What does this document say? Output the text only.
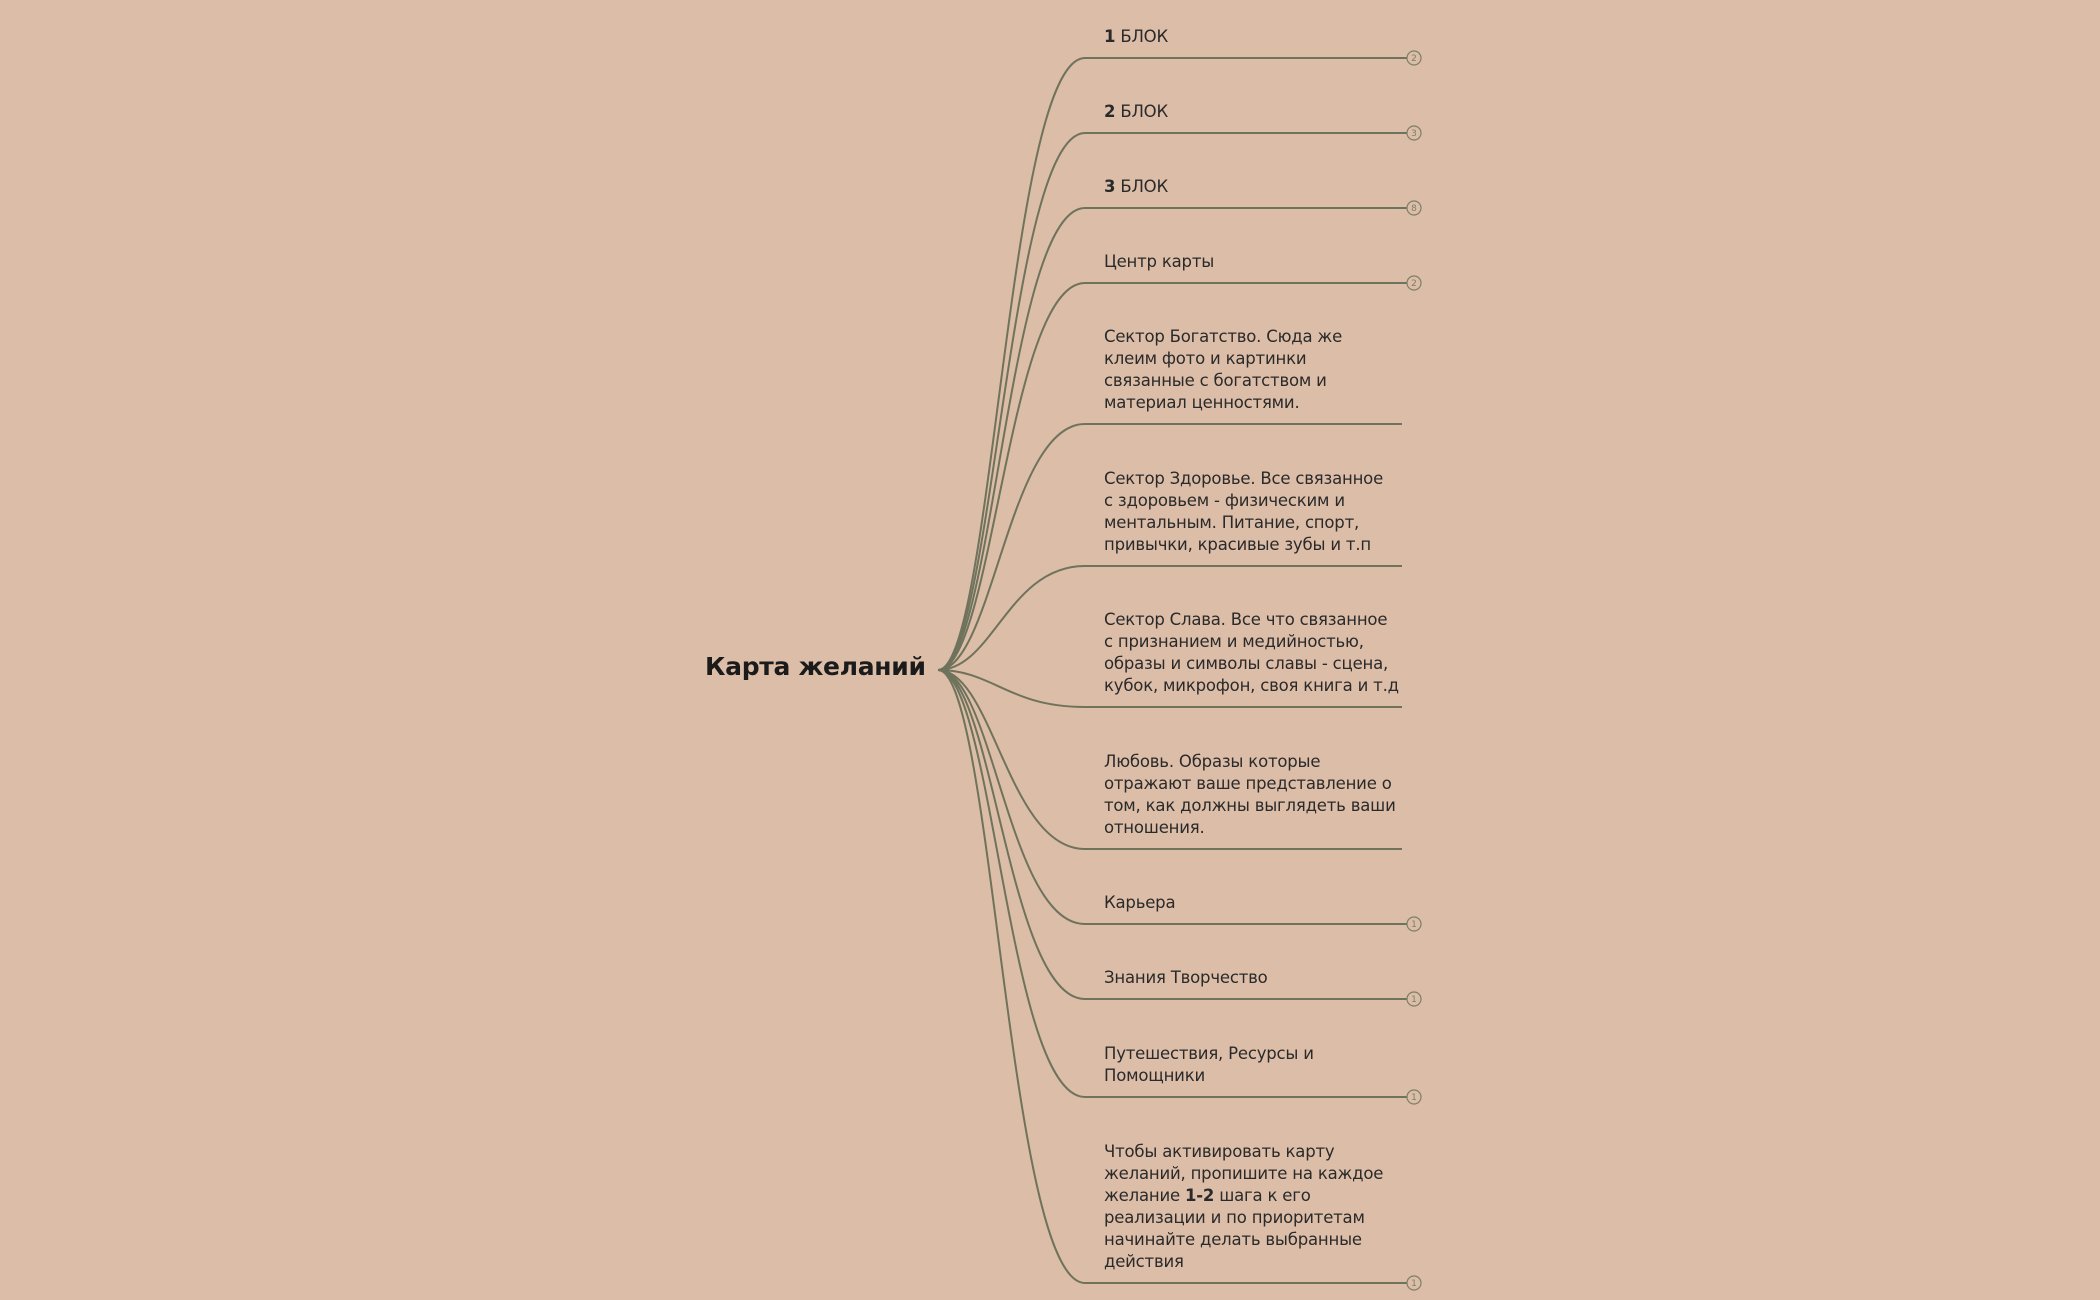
2
3
8
2
1
1
1
1
Карта желаний
1 БЛОК
2 БЛОК
3 БЛОК
Центр карты
Сектор Богатство. Сюда же
клеим фото и картинки
связанные с богатством и
материал ценностями.
Сектор Здоровье. Все связанное
с здоровьем - физическим и
ментальным. Питание, спорт,
привычки, красивые зубы и т.п
Сектор Слава. Все что связанное
с признанием и медийностью,
образы и символы славы - сцена,
кубок, микрофон, своя книга и т.д
Любовь. Образы которые
отражают ваше представление о
том, как должны выглядеть ваши
отношения.
Карьера
Знания Творчество
Путешествия, Ресурсы и
Помощники
Чтобы активировать карту
желаний, пропишите на каждое
желание 1-2 шага к его
реализации и по приоритетам
начинайте делать выбранные
действия
